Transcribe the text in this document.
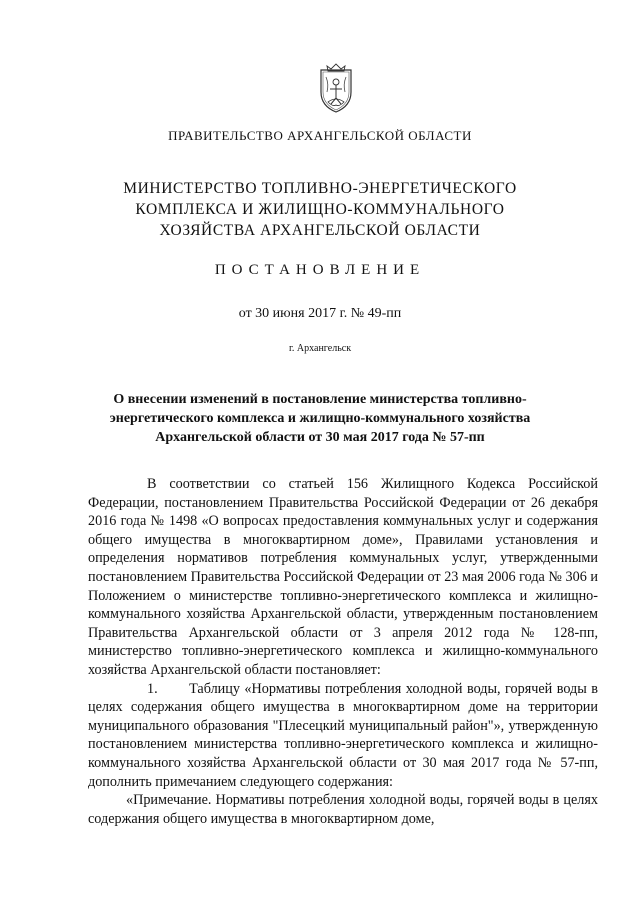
ПРАВИТЕЛЬСТВО АРХАНГЕЛЬСКОЙ ОБЛАСТИ
МИНИСТЕРСТВО ТОПЛИВНО-ЭНЕРГЕТИЧЕСКОГО
КОМПЛЕКСА И ЖИЛИЩНО-КОММУНАЛЬНОГО
ХОЗЯЙСТВА АРХАНГЕЛЬСКОЙ ОБЛАСТИ
ПОСТАНОВЛЕНИЕ
от 30 июня 2017 г. № 49-пп
г. Архангельск
О внесении изменений в постановление министерства топливно-
энергетического комплекса и жилищно-коммунального хозяйства
Архангельской области от 30 мая 2017 года № 57-пп

В соответствии со статьей 156 Жилищного Кодекса Российской Федерации, постановлением Правительства Российской Федерации от 26 декабря 2016 года № 1498 «О вопросах предоставления коммунальных услуг и содержания общего имущества в многоквартирном доме», Правилами установления и определения нормативов потребления коммунальных услуг, утвержденными постановлением Правительства Российской Федерации от 23 мая 2006 года № 306 и Положением о министерстве топливно-энергетического комплекса и жилищно-коммунального хозяйства Архангельской области, утвержденным постановлением Правительства Архангельской области от 3 апреля 2012 года № 128-пп, министерство топливно-энергетического комплекса и жилищно-коммунального хозяйства Архангельской области постановляет:

1. Таблицу «Нормативы потребления холодной воды, горячей воды в целях содержания общего имущества в многоквартирном доме на территории муниципального образования "Плесецкий муниципальный район"», утвержденную постановлением министерства топливно-энергетического комплекса и жилищно-коммунального хозяйства Архангельской области от 30 мая 2017 года № 57-пп, дополнить примечанием следующего содержания:

«Примечание. Нормативы потребления холодной воды, горячей воды в целях содержания общего имущества в многоквартирном доме,
